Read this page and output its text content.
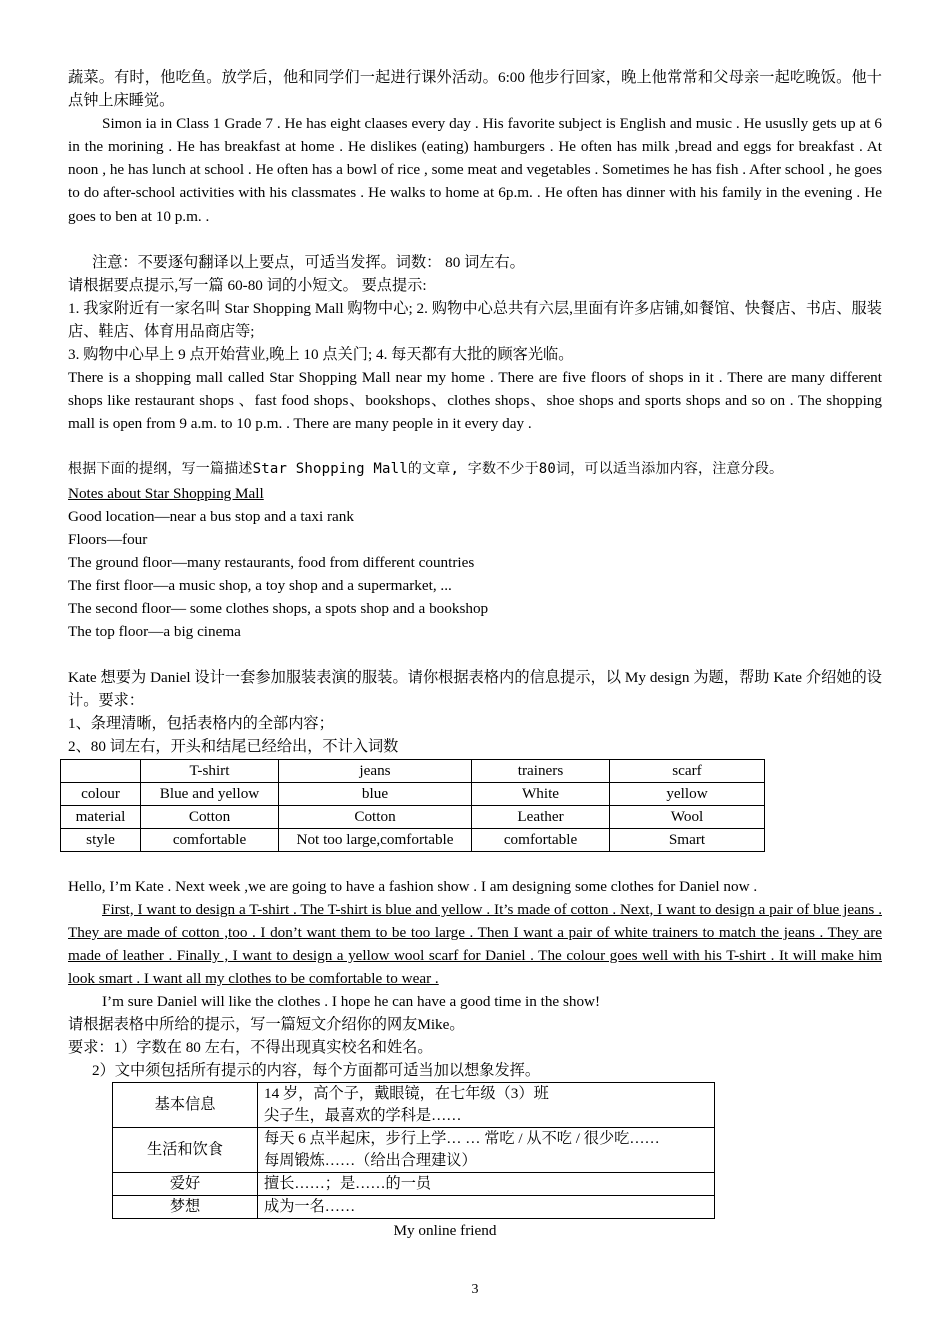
蔬菜。有时，他吃鱼。放学后，他和同学们一起进行课外活动。6:00 他步行回家，晚上他常常和父母亲一起吃晚饭。他十点钟上床睡觉。

Simon ia in Class 1 Grade 7 . He has eight claases every day . His favorite subject is English and music . He ususlly gets up at 6 in the morining . He has breakfast at home . He dislikes (eating) hamburgers . He often has milk ,bread and eggs for breakfast . At noon , he has lunch at school . He often has a bowl of rice , some meat and vegetables . Sometimes he has fish . After school , he goes to do after-school activities with his classmates . He walks to home at 6p.m. . He often has dinner with his family in the evening . He goes to ben at 10 p.m. .

注意：不要逐句翻译以上要点，可适当发挥。词数： 80 词左右。

请根据要点提示,写一篇 60-80 词的小短文。 要点提示:

1. 我家附近有一家名叫 Star Shopping Mall 购物中心; 2. 购物中心总共有六层,里面有许多店铺,如餐馆、快餐店、书店、服装店、鞋店、体育用品商店等;

3. 购物中心早上 9 点开始营业,晚上 10 点关门; 4. 每天都有大批的顾客光临。

There is a shopping mall called Star Shopping Mall near my home . There are five floors of shops in it . There are many different shops like restaurant shops 、fast food shops、bookshops、clothes shops、shoe shops and sports shops and so on . The shopping mall is open from 9 a.m. to 10 p.m. . There are many people in it every day .

根据下面的提纲，写一篇描述Star Shopping Mall的文章, 字数不少于80词，可以适当添加内容，注意分段。

Notes about Star Shopping Mall

Good location—near a bus stop and a taxi rank

Floors—four

The ground floor—many restaurants, food from different countries

The first floor—a music shop, a toy shop and a supermarket, ...

The second floor— some clothes shops, a spots shop and a bookshop

The top floor—a big cinema

Kate 想要为 Daniel 设计一套参加服装表演的服装。请你根据表格内的信息提示，以 My design 为题，帮助 Kate 介绍她的设计。要求：

1、条理清晰，包括表格内的全部内容；

2、80 词左右，开头和结尾已经给出，不计入词数

	T-shirt	jeans	trainers	scarf
colour	Blue and yellow	blue	White	yellow
material	Cotton	Cotton	Leather	Wool
style	comfortable	Not too large,comfortable	comfortable	Smart

Hello, I’m Kate . Next week ,we are going to have a fashion show . I am designing some clothes for Daniel now .

First, I want to design a T-shirt . The T-shirt is blue and yellow . It’s made of cotton . Next, I want to design a pair of blue jeans . They are made of cotton ,too . I don’t want them to be too large . Then I want a pair of white trainers to match the jeans . They are made of leather . Finally , I want to design a yellow wool scarf for Daniel . The colour goes well with his T-shirt . It will make him look smart . I want all my clothes to be comfortable to wear .

I’m sure Daniel will like the clothes . I hope he can have a good time in the show!

请根据表格中所给的提示，写一篇短文介绍你的网友Mike。

要求：1）字数在 80 左右，不得出现真实校名和姓名。

2）文中须包括所有提示的内容，每个方面都可适当加以想象发挥。

基本信息	14 岁，高个子，戴眼镜，在七年级（3）班
尖子生，最喜欢的学科是……

生活和饮食	每天 6 点半起床，步行上学… … 常吃 / 从不吃 / 很少吃……
每周锻炼……（给出合理建议）

爱好	擅长……；是……的一员

梦想	成为一名……

My online friend

3
